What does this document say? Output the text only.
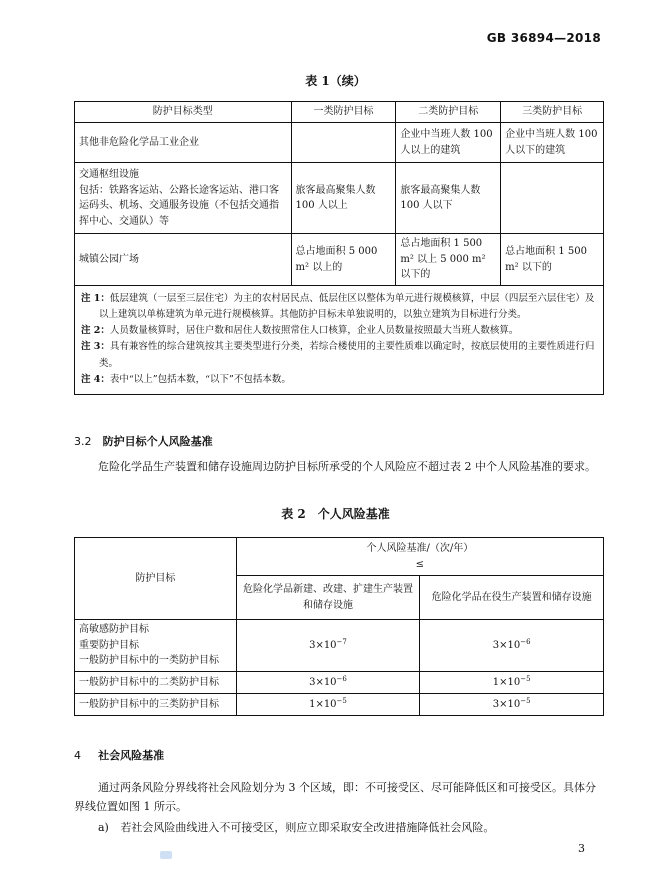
GB 36894—2018
表 1（续）
防护目标类型	一类防护目标	二类防护目标	三类防护目标

其他非危险化学品工业企业		企业中当班人数 100 人以上的建筑	企业中当班人数 100 人以下的建筑

交通枢纽设施
包括：铁路客运站、公路长途客运站、港口客运码头、机场、交通服务设施（不包括交通指挥中心、交通队）等	旅客最高聚集人数 100 人以上	旅客最高聚集人数 100 人以下	

城镇公园广场	总占地面积 5 000 m² 以上的	总占地面积 1 500 m² 以上 5 000 m² 以下的	总占地面积 1 500 m² 以下的

注 1：低层建筑（一层至三层住宅）为主的农村居民点、低层住区以整体为单元进行规模核算，中层（四层至六层住宅）及以上建筑以单栋建筑为单元进行规模核算。其他防护目标未单独说明的，以独立建筑为目标进行分类。
注 2：人员数量核算时，居住户数和居住人数按照常住人口核算，企业人员数量按照最大当班人数核算。
注 3：具有兼容性的综合建筑按其主要类型进行分类，若综合楼使用的主要性质难以确定时，按底层使用的主要性质进行归类。
注 4：表中“以上”包括本数，“以下”不包括本数。			
3.2 防护目标个人风险基准
危险化学品生产装置和储存设施周边防护目标所承受的个人风险应不超过表 2 中个人风险基准的要求。
表 2　个人风险基准
防护目标	个人风险基准/（次/年）
≤	

	危险化学品新建、改建、扩建生产装置和储存设施	危险化学品在役生产装置和储存设施

高敏感防护目标
重要防护目标
一般防护目标中的一类防护目标	$3\times 10^{-7}$	$3\times 10^{-6}$
一般防护目标中的二类防护目标	$3\times 10^{-6}$	$1\times 10^{-5}$
一般防护目标中的三类防护目标	$1\times 10^{-5}$	$3\times 10^{-5}$
4 社会风险基准
通过两条风险分界线将社会风险划分为 3 个区域，即：不可接受区、尽可能降低区和可接受区。具体分界线位置如图 1 所示。
a) 若社会风险曲线进入不可接受区，则应立即采取安全改进措施降低社会风险。
3
